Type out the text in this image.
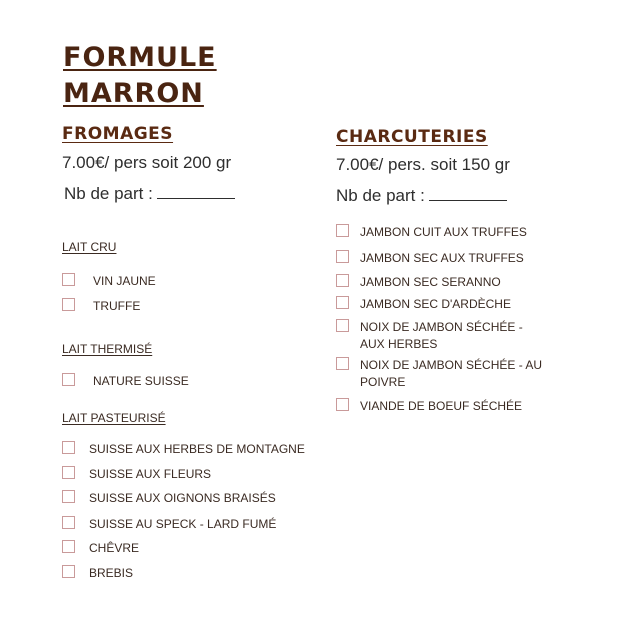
FORMULE
MARRON
FROMAGES

7.00€/ pers soit 200 gr

Nb de part :

LAIT CRU

VIN JAUNE
TRUFFE

LAIT THERMISÉ

NATURE SUISSE

LAIT PASTEURISÉ

SUISSE AUX HERBES DE MONTAGNE
SUISSE AUX FLEURS
SUISSE AUX OIGNONS BRAISÉS
SUISSE AU SPECK - LARD FUMÉ
CHÊVRE
BREBIS
CHARCUTERIES

7.00€/ pers. soit 150 gr

Nb de part :

JAMBON CUIT AUX TRUFFES
JAMBON SEC AUX TRUFFES
JAMBON SEC SERANNO
JAMBON SEC D'ARDÈCHE
NOIX DE JAMBON SÉCHÉE - AUX HERBES
NOIX DE JAMBON SÉCHÉE - AU POIVRE
VIANDE DE BOEUF SÉCHÉE
